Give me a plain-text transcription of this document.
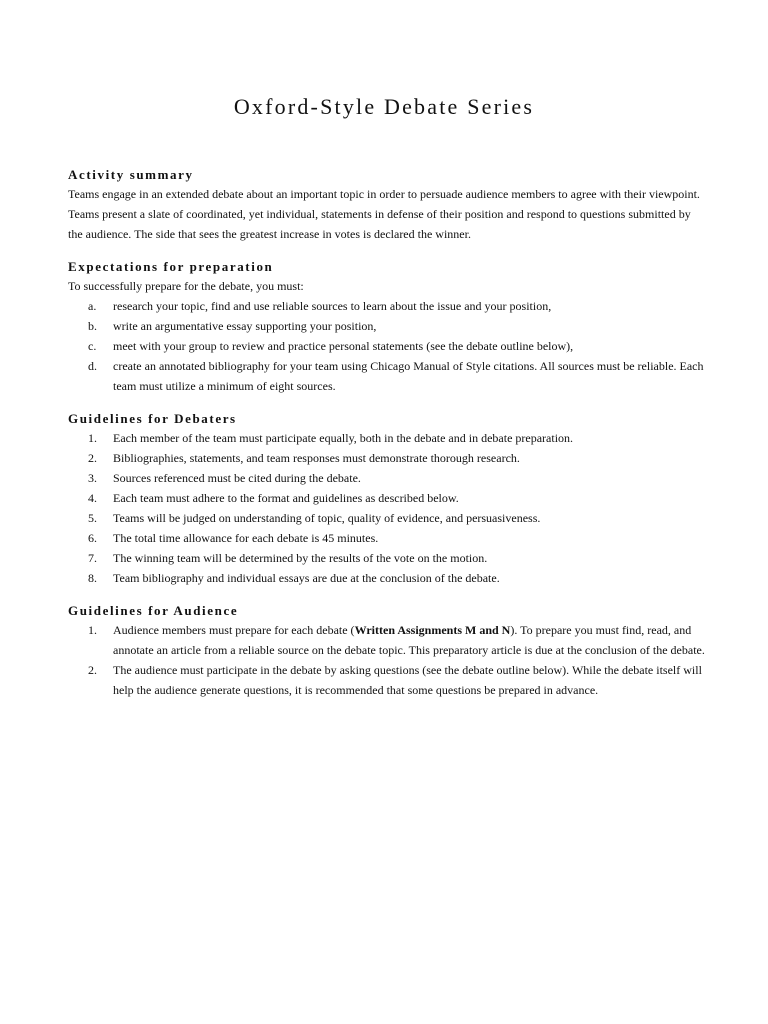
Oxford-Style Debate Series
Activity summary

Teams engage in an extended debate about an important topic in order to persuade audience members to agree with their viewpoint. Teams present a slate of coordinated, yet individual, statements in defense of their position and respond to questions submitted by the audience. The side that sees the greatest increase in votes is declared the winner.

Expectations for preparation

To successfully prepare for the debate, you must:

a.	research your topic, find and use reliable sources to learn about the issue and your position,
b.	write an argumentative essay supporting your position,
c.	meet with your group to review and practice personal statements (see the debate outline below),
d.	create an annotated bibliography for your team using Chicago Manual of Style citations. All sources must be reliable. Each team must utilize a minimum of eight sources.
Guidelines for Debaters
1.	Each member of the team must participate equally, both in the debate and in debate preparation.
2.	Bibliographies, statements, and team responses must demonstrate thorough research.
3.	Sources referenced must be cited during the debate.
4.	Each team must adhere to the format and guidelines as described below.
5.	Teams will be judged on understanding of topic, quality of evidence, and persuasiveness.
6.	The total time allowance for each debate is 45 minutes.
7.	The winning team will be determined by the results of the vote on the motion.
8.	Team bibliography and individual essays are due at the conclusion of the debate.
Guidelines for Audience
1.	Audience members must prepare for each debate (Written Assignments M and N). To prepare you must find, read, and annotate an article from a reliable source on the debate topic. This preparatory article is due at the conclusion of the debate.
2.	The audience must participate in the debate by asking questions (see the debate outline below). While the debate itself will help the audience generate questions, it is recommended that some questions be prepared in advance.
